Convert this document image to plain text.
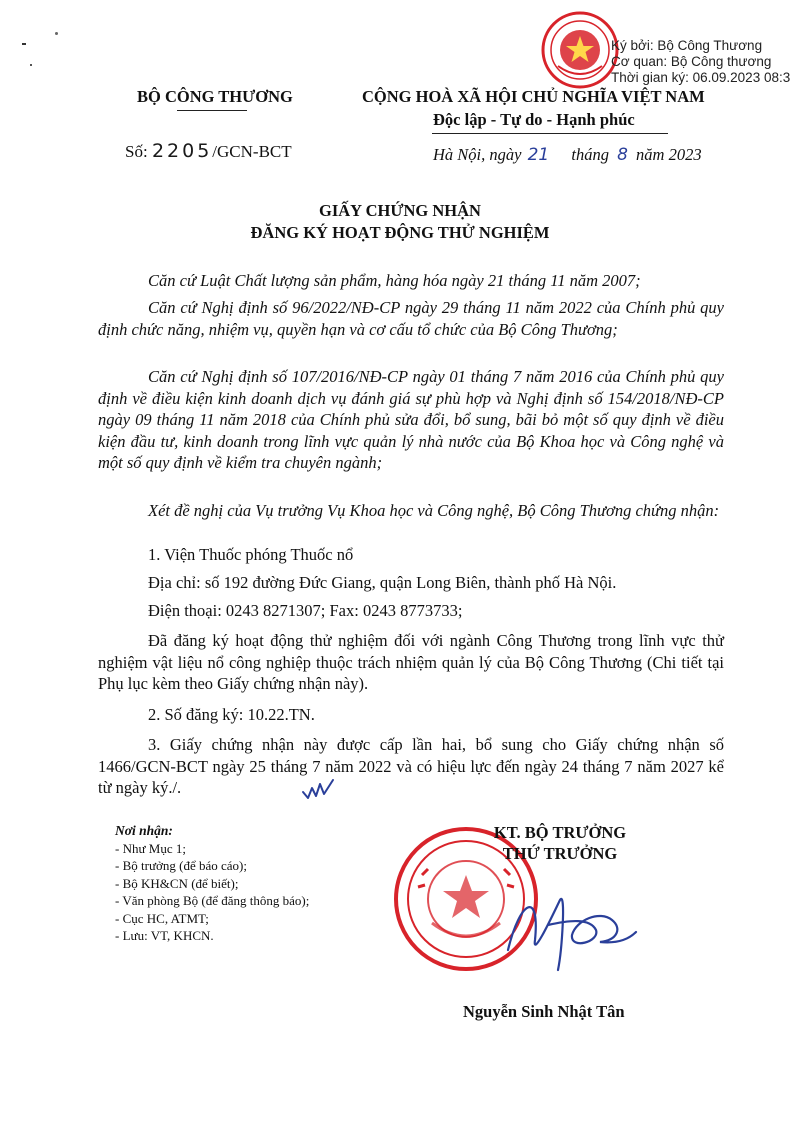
Ký bởi: Bộ Công Thương
Cơ quan: Bộ Công thương
Thời gian ký: 06.09.2023 08:3
BỘ CÔNG THƯƠNG	CỘNG HOÀ XÃ HỘI CHỦ NGHĨA VIỆT NAM
Độc lập - Tự do - Hạnh phúc
Số: 2205/GCN-BCT	Hà Nội, ngày 21 tháng 8 năm 2023
GIẤY CHỨNG NHẬN
ĐĂNG KÝ HOẠT ĐỘNG THỬ NGHIỆM
Căn cứ Luật Chất lượng sản phẩm, hàng hóa ngày 21 tháng 11 năm 2007;
Căn cứ Nghị định số 96/2022/NĐ-CP ngày 29 tháng 11 năm 2022 của Chính phủ quy định chức năng, nhiệm vụ, quyền hạn và cơ cấu tổ chức của Bộ Công Thương;
Căn cứ Nghị định số 107/2016/NĐ-CP ngày 01 tháng 7 năm 2016 của Chính phủ quy định về điều kiện kinh doanh dịch vụ đánh giá sự phù hợp và Nghị định số 154/2018/NĐ-CP ngày 09 tháng 11 năm 2018 của Chính phủ sửa đổi, bổ sung, bãi bỏ một số quy định về điều kiện đầu tư, kinh doanh trong lĩnh vực quản lý nhà nước của Bộ Khoa học và Công nghệ và một số quy định về kiểm tra chuyên ngành;
Xét đề nghị của Vụ trưởng Vụ Khoa học và Công nghệ, Bộ Công Thương chứng nhận:
1. Viện Thuốc phóng Thuốc nổ
Địa chỉ: số 192 đường Đức Giang, quận Long Biên, thành phố Hà Nội.
Điện thoại: 0243 8271307; Fax: 0243 8773733;
Đã đăng ký hoạt động thử nghiệm đối với ngành Công Thương trong lĩnh vực thử nghiệm vật liệu nổ công nghiệp thuộc trách nhiệm quản lý của Bộ Công Thương (Chi tiết tại Phụ lục kèm theo Giấy chứng nhận này).
2. Số đăng ký: 10.22.TN.
3. Giấy chứng nhận này được cấp lần hai, bổ sung cho Giấy chứng nhận số 1466/GCN-BCT ngày 25 tháng 7 năm 2022 và có hiệu lực đến ngày 24 tháng 7 năm 2027 kể từ ngày ký./.
Nơi nhận:
- Như Mục 1;
- Bộ trưởng (để báo cáo);
- Bộ KH&CN (để biết);
- Văn phòng Bộ (để đăng thông báo);
- Cục HC, ATMT;
- Lưu: VT, KHCN.
KT. BỘ TRƯỞNG
THỨ TRƯỞNG
Nguyễn Sinh Nhật Tân
